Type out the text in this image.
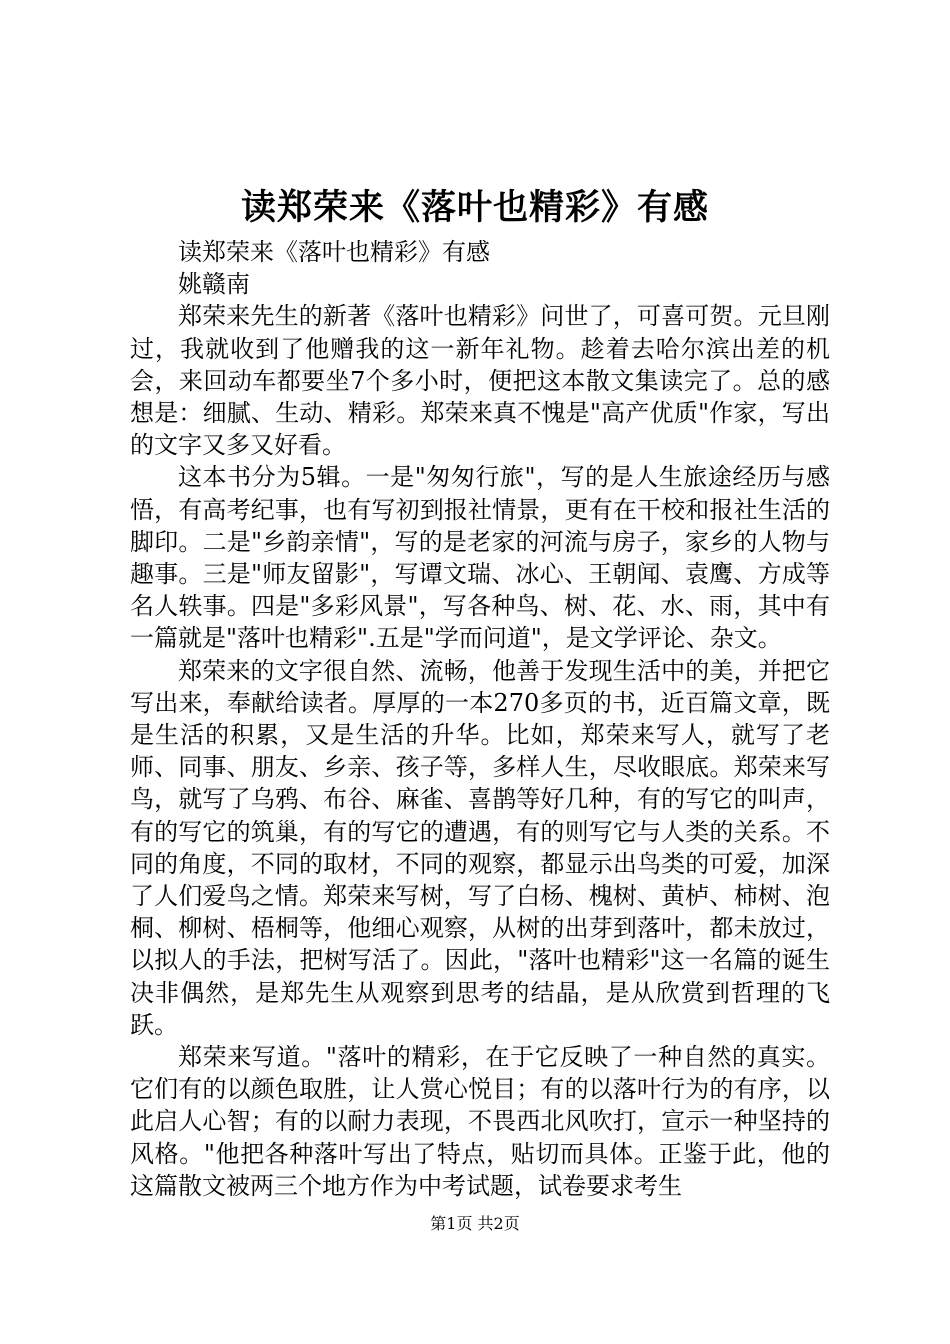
读郑荣来《落叶也精彩》有感

读郑荣来《落叶也精彩》有感

姚赣南

郑荣来先生的新著《落叶也精彩》问世了，可喜可贺。元旦刚过，我就收到了他赠我的这一新年礼物。趁着去哈尔滨出差的机会，来回动车都要坐7个多小时，便把这本散文集读完了。总的感想是：细腻、生动、精彩。郑荣来真不愧是"高产优质"作家，写出的文字又多又好看。

这本书分为5辑。一是"匆匆行旅"，写的是人生旅途经历与感悟，有高考纪事，也有写初到报社情景，更有在干校和报社生活的脚印。二是"乡韵亲情"，写的是老家的河流与房子，家乡的人物与趣事。三是"师友留影"，写谭文瑞、冰心、王朝闻、袁鹰、方成等名人轶事。四是"多彩风景"，写各种鸟、树、花、水、雨，其中有一篇就是"落叶也精彩".五是"学而问道"，是文学评论、杂文。

郑荣来的文字很自然、流畅，他善于发现生活中的美，并把它写出来，奉献给读者。厚厚的一本270多页的书，近百篇文章，既是生活的积累，又是生活的升华。比如，郑荣来写人，就写了老师、同事、朋友、乡亲、孩子等，多样人生，尽收眼底。郑荣来写鸟，就写了乌鸦、布谷、麻雀、喜鹊等好几种，有的写它的叫声，有的写它的筑巢，有的写它的遭遇，有的则写它与人类的关系。不同的角度，不同的取材，不同的观察，都显示出鸟类的可爱，加深了人们爱鸟之情。郑荣来写树，写了白杨、槐树、黄栌、柿树、泡桐、柳树、梧桐等，他细心观察，从树的出芽到落叶，都未放过，以拟人的手法，把树写活了。因此，"落叶也精彩"这一名篇的诞生决非偶然，是郑先生从观察到思考的结晶，是从欣赏到哲理的飞跃。

郑荣来写道。"落叶的精彩，在于它反映了一种自然的真实。它们有的以颜色取胜，让人赏心悦目；有的以落叶行为的有序，以此启人心智；有的以耐力表现，不畏西北风吹打，宣示一种坚持的风格。"他把各种落叶写出了特点，贴切而具体。正鉴于此，他的这篇散文被两三个地方作为中考试题，试卷要求考生

第1页 共2页
